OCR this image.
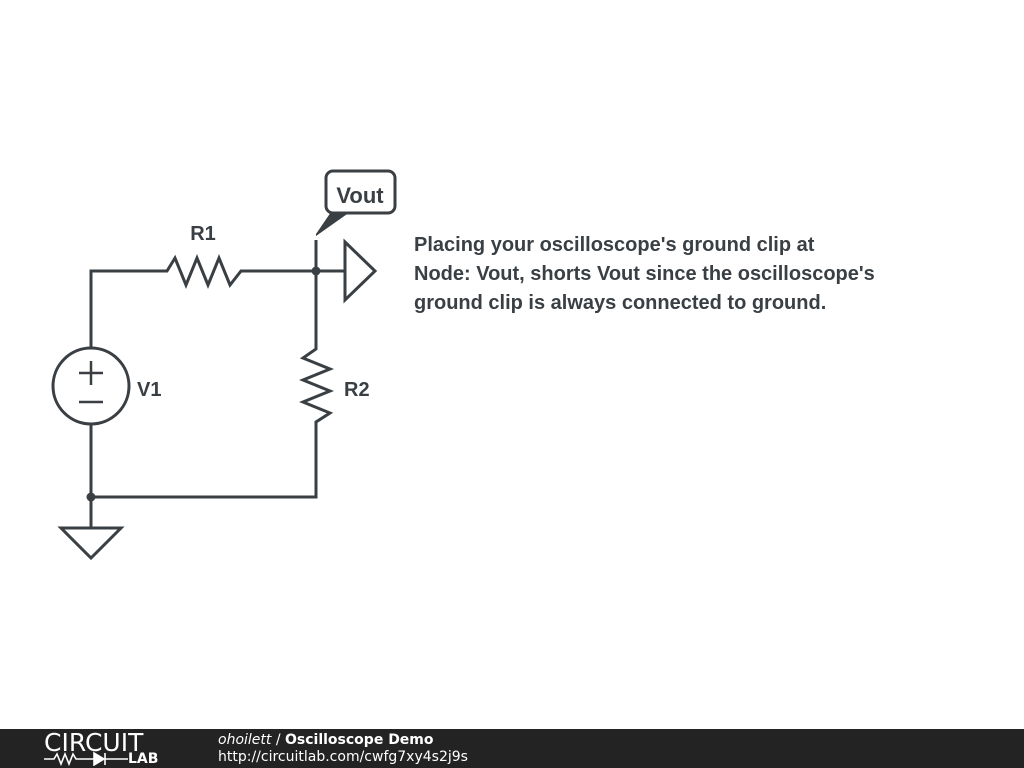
Vout
R1
R2
V1
Placing your oscilloscope's ground clip at
Node: Vout, shorts Vout since the oscilloscope's
ground clip is always connected to ground.
CIRCUIT
LAB
ohoilett / Oscilloscope Demo
http://circuitlab.com/cwfg7xy4s2j9s
